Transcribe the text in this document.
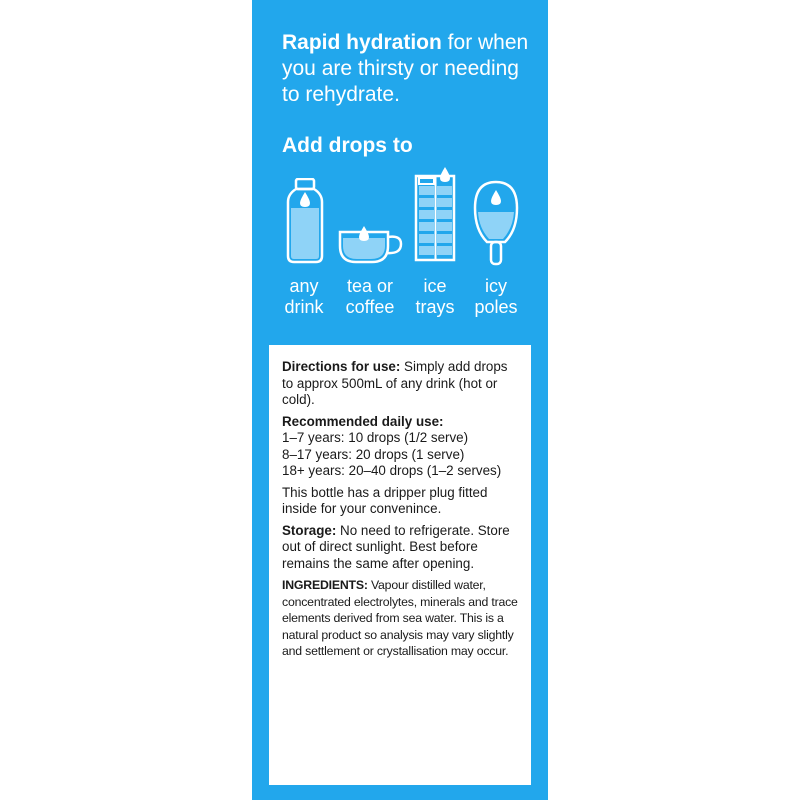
Rapid hydration for when you are thirsty or needing to rehydrate.
Add drops to
any
drink
tea or
coffee
ice
trays
icy
poles

Directions for use: Simply add drops to approx 500mL of any drink (hot or cold).

Recommended daily use:
1–7 years: 10 drops (1/2 serve)
8–17 years: 20 drops (1 serve)
18+ years: 20–40 drops (1–2 serves)

This bottle has a dripper plug fitted inside for your convenince.

Storage: No need to refrigerate. Store out of direct sunlight. Best before remains the same after opening.

INGREDIENTS: Vapour distilled water, concentrated electrolytes, minerals and trace elements derived from sea water. This is a natural product so analysis may vary slightly and settlement or crystallisation may occur.
